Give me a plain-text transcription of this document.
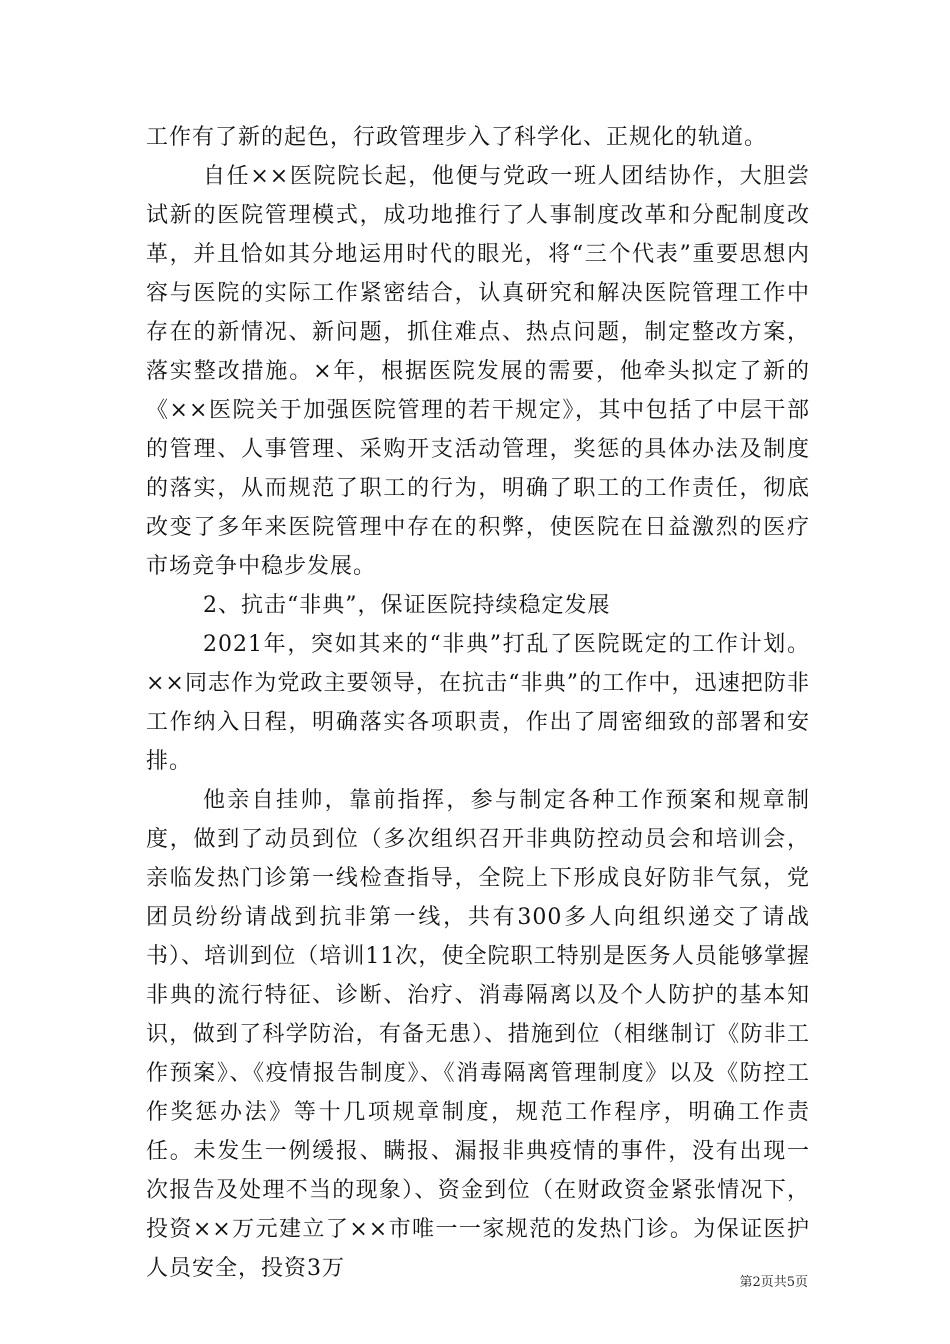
工作有了新的起色，行政管理步入了科学化、正规化的轨道。

自任××医院院长起，他便与党政一班人团结协作，大胆尝试新的医院管理模式，成功地推行了人事制度改革和分配制度改革，并且恰如其分地运用时代的眼光，将“三个代表”重要思想内容与医院的实际工作紧密结合，认真研究和解决医院管理工作中存在的新情况、新问题，抓住难点、热点问题，制定整改方案，落实整改措施。×年，根据医院发展的需要，他牵头拟定了新的《××医院关于加强医院管理的若干规定》，其中包括了中层干部的管理、人事管理、采购开支活动管理，奖惩的具体办法及制度的落实，从而规范了职工的行为，明确了职工的工作责任，彻底改变了多年来医院管理中存在的积弊，使医院在日益激烈的医疗市场竞争中稳步发展。

2、抗击“非典”，保证医院持续稳定发展

2021年，突如其来的“非典”打乱了医院既定的工作计划。××同志作为党政主要领导，在抗击“非典”的工作中，迅速把防非工作纳入日程，明确落实各项职责，作出了周密细致的部署和安排。

他亲自挂帅，靠前指挥，参与制定各种工作预案和规章制度，做到了动员到位（多次组织召开非典防控动员会和培训会，亲临发热门诊第一线检查指导，全院上下形成良好防非气氛，党团员纷纷请战到抗非第一线，共有300多人向组织递交了请战书）、培训到位（培训11次，使全院职工特别是医务人员能够掌握非典的流行特征、诊断、治疗、消毒隔离以及个人防护的基本知识，做到了科学防治，有备无患）、措施到位（相继制订《防非工作预案》、《疫情报告制度》、《消毒隔离管理制度》以及《防控工作奖惩办法》等十几项规章制度，规范工作程序，明确工作责任。未发生一例缓报、瞒报、漏报非典疫情的事件，没有出现一次报告及处理不当的现象）、资金到位（在财政资金紧张情况下，投资××万元建立了××市唯一一家规范的发热门诊。为保证医护人员安全，投资3万

第2页共5页
